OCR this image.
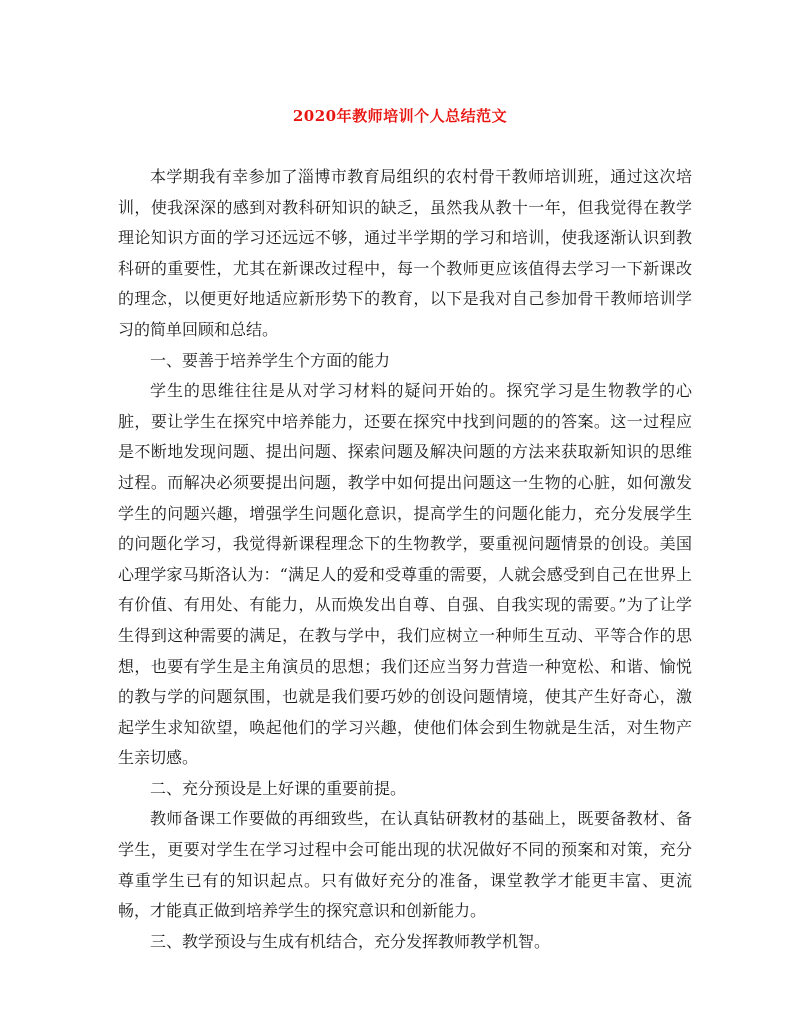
2020年教师培训个人总结范文

本学期我有幸参加了淄博市教育局组织的农村骨干教师培训班，通过这次培训，使我深深的感到对教科研知识的缺乏，虽然我从教十一年，但我觉得在教学理论知识方面的学习还远远不够，通过半学期的学习和培训，使我逐渐认识到教科研的重要性，尤其在新课改过程中，每一个教师更应该值得去学习一下新课改的理念，以便更好地适应新形势下的教育，以下是我对自己参加骨干教师培训学习的简单回顾和总结。

一、要善于培养学生个方面的能力

学生的思维往往是从对学习材料的疑问开始的。探究学习是生物教学的心脏，要让学生在探究中培养能力，还要在探究中找到问题的的答案。这一过程应是不断地发现问题、提出问题、探索问题及解决问题的方法来获取新知识的思维过程。而解决必须要提出问题，教学中如何提出问题这一生物的心脏，如何激发学生的问题兴趣，增强学生问题化意识，提高学生的问题化能力，充分发展学生的问题化学习，我觉得新课程理念下的生物教学，要重视问题情景的创设。美国心理学家马斯洛认为：“满足人的爱和受尊重的需要，人就会感受到自己在世界上有价值、有用处、有能力，从而焕发出自尊、自强、自我实现的需要。”为了让学生得到这种需要的满足，在教与学中，我们应树立一种师生互动、平等合作的思想，也要有学生是主角演员的思想；我们还应当努力营造一种宽松、和谐、愉悦的教与学的问题氛围，也就是我们要巧妙的创设问题情境，使其产生好奇心，激起学生求知欲望，唤起他们的学习兴趣，使他们体会到生物就是生活，对生物产生亲切感。

二、充分预设是上好课的重要前提。

教师备课工作要做的再细致些，在认真钻研教材的基础上，既要备教材、备学生，更要对学生在学习过程中会可能出现的状况做好不同的预案和对策，充分尊重学生已有的知识起点。只有做好充分的准备，课堂教学才能更丰富、更流畅，才能真正做到培养学生的探究意识和创新能力。

三、教学预设与生成有机结合，充分发挥教师教学机智。
